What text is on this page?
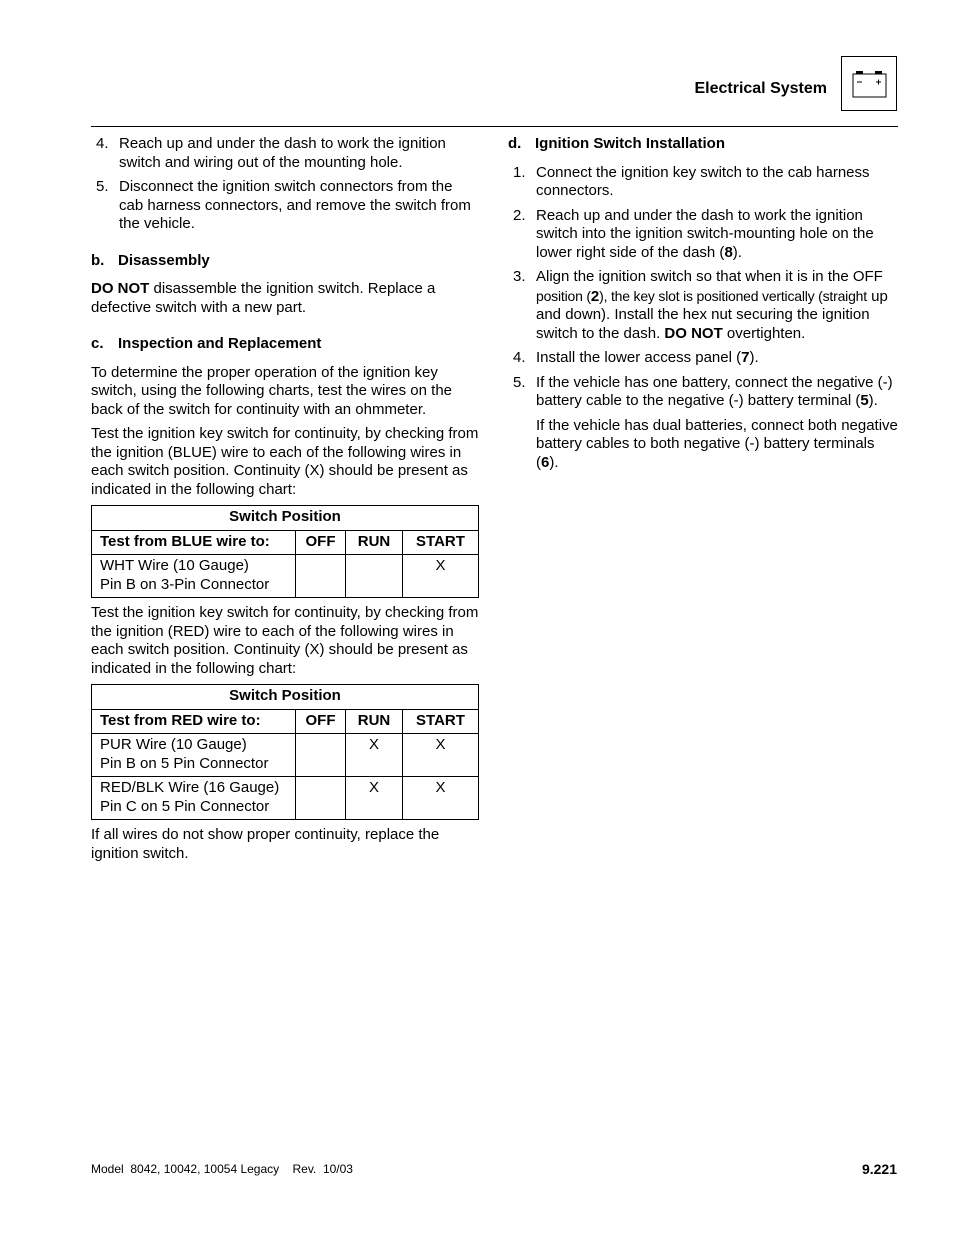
Electrical System
4. Reach up and under the dash to work the ignition switch and wiring out of the mounting hole.
5. Disconnect the ignition switch connectors from the cab harness connectors, and remove the switch from the vehicle.
b. Disassembly

DO NOT disassemble the ignition switch. Replace a defective switch with a new part.

c. Inspection and Replacement

To determine the proper operation of the ignition key switch, using the following charts, test the wires on the back of the switch for continuity with an ohmmeter.

Test the ignition key switch for continuity, by checking from the ignition (BLUE) wire to each of the following wires in each switch position. Continuity (X) should be present as indicated in the following chart:

Switch Position			
Test from BLUE wire to:	OFF	RUN	START

WHT Wire (10 Gauge)
Pin B on 3-Pin Connector			X

Test the ignition key switch for continuity, by checking from the ignition (RED) wire to each of the following wires in each switch position. Continuity (X) should be present as indicated in the following chart:

Switch Position			
Test from RED wire to:	OFF	RUN	START

PUR Wire (10 Gauge)
Pin B on 5 Pin Connector		X	X

RED/BLK Wire (16 Gauge)
Pin C on 5 Pin Connector		X	X

If all wires do not show proper continuity, replace the ignition switch.

d. Ignition Switch Installation
1. Connect the ignition key switch to the cab harness connectors.
2. Reach up and under the dash to work the ignition switch into the ignition switch-mounting hole on the lower right side of the dash (8).
3. Align the ignition switch so that when it is in the OFF position (2), the key slot is positioned vertically (straight up and down). Install the hex nut securing the ignition switch to the dash. DO NOT overtighten.
4. Install the lower access panel (7).
5. If the vehicle has one battery, connect the negative (-) battery cable to the negative (-) battery terminal (5).

If the vehicle has dual batteries, connect both negative battery cables to both negative (-) battery terminals (6).

Model  8042, 10042, 10054 Legacy    Rev.  10/03	9.221
